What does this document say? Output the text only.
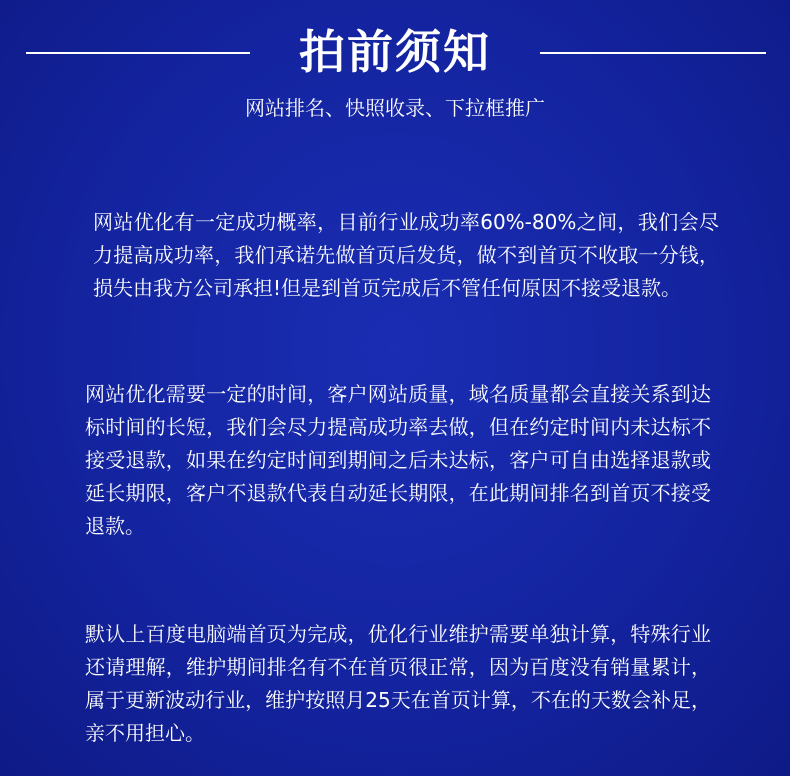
拍前须知
网站排名、快照收录、下拉框推广
网站优化有一定成功概率，目前行业成功率60%-80%之间，我们会尽力提高成功率，我们承诺先做首页后发货，做不到首页不收取一分钱，损失由我方公司承担!但是到首页完成后不管任何原因不接受退款。
网站优化需要一定的时间，客户网站质量，域名质量都会直接关系到达标时间的长短，我们会尽力提高成功率去做，但在约定时间内未达标不接受退款，如果在约定时间到期间之后未达标，客户可自由选择退款或延长期限，客户不退款代表自动延长期限，在此期间排名到首页不接受退款。
默认上百度电脑端首页为完成，优化行业维护需要单独计算，特殊行业还请理解，维护期间排名有不在首页很正常，因为百度没有销量累计，属于更新波动行业，维护按照月25天在首页计算，不在的天数会补足，亲不用担心。
